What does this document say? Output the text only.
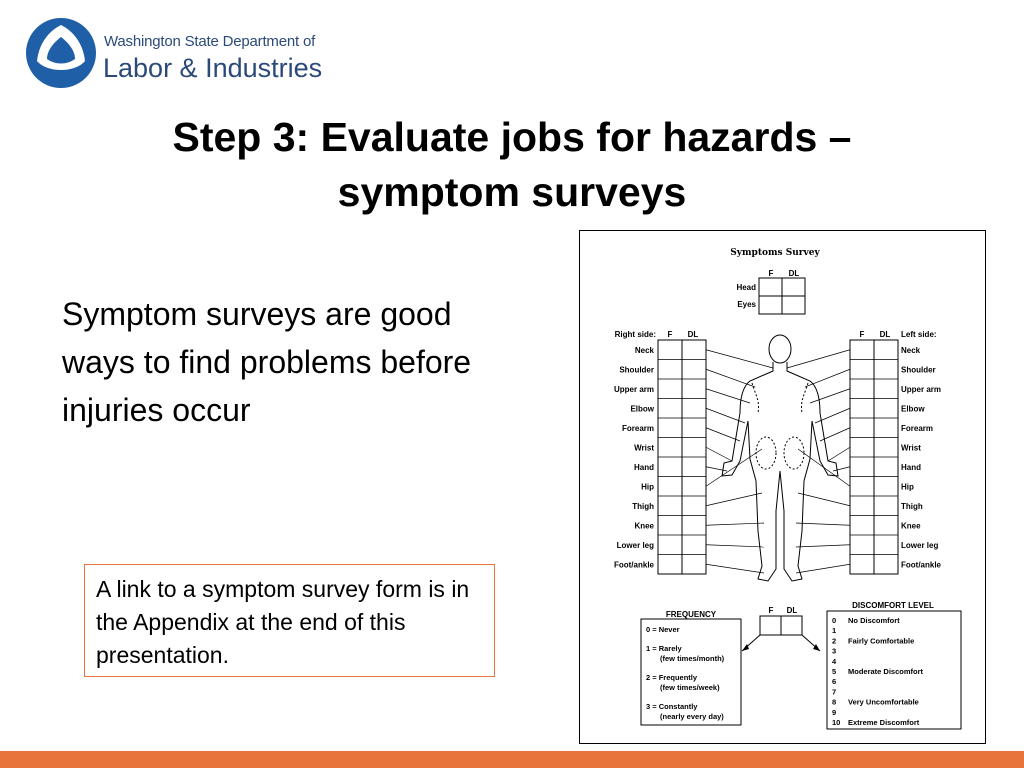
Washington State Department of
Labor & Industries
Step 3: Evaluate jobs for hazards –
symptom surveys
Symptom surveys are good ways to find problems before injuries occur
A link to a symptom survey form is in the Appendix at the end of this presentation.
Symptoms Survey
F DL
Head
Eyes
Right side: F DL	F DL Left side:
Neck
Shoulder
Upper arm
Elbow
Forearm
Wrist
Hand
Hip
Thigh
Knee
Lower leg
Foot/ankle
Neck
Shoulder
Upper arm
Elbow
Forearm
Wrist
Hand
Hip
Thigh
Knee
Lower leg
Foot/ankle
FREQUENCY
0 = Never
1 = Rarely
(few times/month)
2 = Frequently
(few times/week)
3 = Constantly
(nearly every day)
F DL
DISCOMFORT LEVEL
0 No Discomfort
1
2 Fairly Comfortable
3
4
5 Moderate Discomfort
6
7
8 Very Uncomfortable
9
10 Extreme Discomfort
